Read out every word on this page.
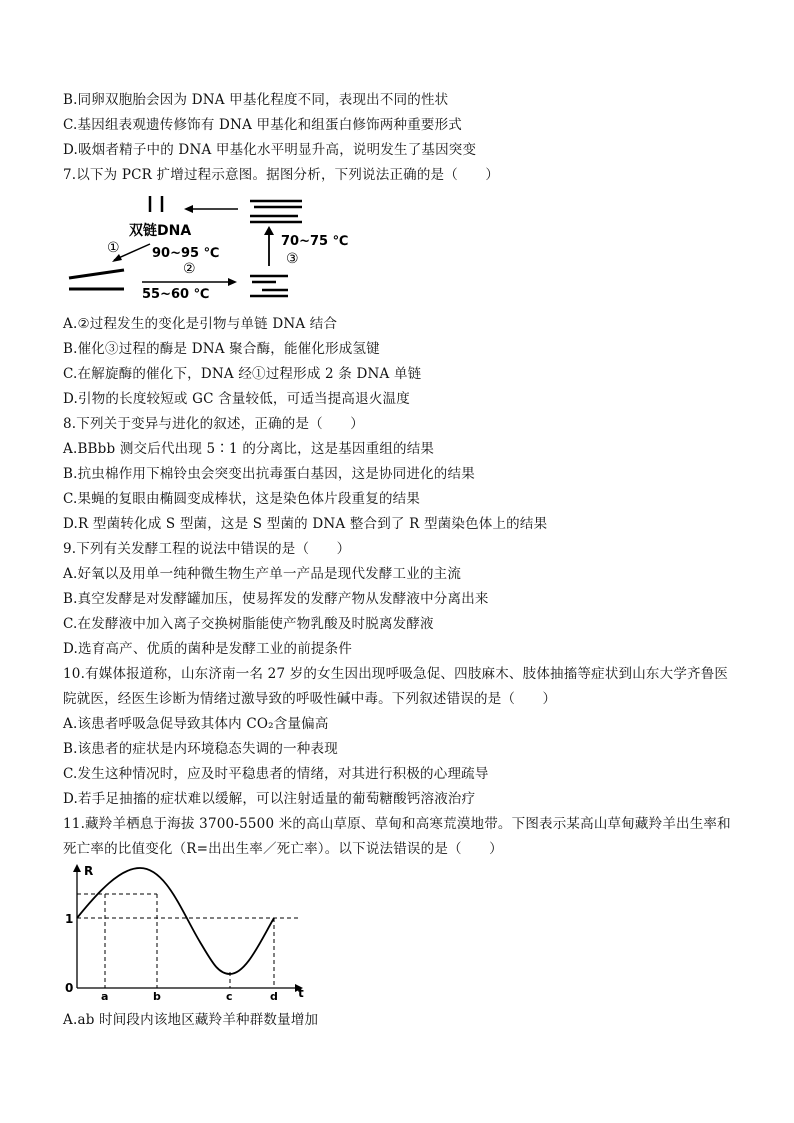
B.同卵双胞胎会因为 DNA 甲基化程度不同，表现出不同的性状
C.基因组表观遗传修饰有 DNA 甲基化和组蛋白修饰两种重要形式
D.吸烟者精子中的 DNA 甲基化水平明显升高，说明发生了基因突变
7.以下为 PCR 扩增过程示意图。据图分析，下列说法正确的是（　　）
双链DNA
① 90~95 ℃
②
55~60 ℃
③
70~75 ℃
A.②过程发生的变化是引物与单链 DNA 结合
B.催化③过程的酶是 DNA 聚合酶，能催化形成氢键
C.在解旋酶的催化下，DNA 经①过程形成 2 条 DNA 单链
D.引物的长度较短或 GC 含量较低，可适当提高退火温度
8.下列关于变异与进化的叙述，正确的是（　　）
A.BBbb 测交后代出现 5∶1 的分离比，这是基因重组的结果
B.抗虫棉作用下棉铃虫会突变出抗毒蛋白基因，这是协同进化的结果
C.果蝇的复眼由椭圆变成棒状，这是染色体片段重复的结果
D.R 型菌转化成 S 型菌，这是 S 型菌的 DNA 整合到了 R 型菌染色体上的结果
9.下列有关发酵工程的说法中错误的是（　　）
A.好氧以及用单一纯种微生物生产单一产品是现代发酵工业的主流
B.真空发酵是对发酵罐加压，使易挥发的发酵产物从发酵液中分离出来
C.在发酵液中加入离子交换树脂能使产物乳酸及时脱离发酵液
D.选育高产、优质的菌种是发酵工业的前提条件
10.有媒体报道称，山东济南一名 27 岁的女生因出现呼吸急促、四肢麻木、肢体抽搐等症状到山东大学齐鲁医
院就医，经医生诊断为情绪过激导致的呼吸性碱中毒。下列叙述错误的是（　　）
A.该患者呼吸急促导致其体内 CO₂含量偏高
B.该患者的症状是内环境稳态失调的一种表现
C.发生这种情况时，应及时平稳患者的情绪，对其进行积极的心理疏导
D.若手足抽搐的症状难以缓解，可以注射适量的葡萄糖酸钙溶液治疗
11.藏羚羊栖息于海拔 3700-5500 米的高山草原、草甸和高寒荒漠地带。下图表示某高山草甸藏羚羊出生率和
死亡率的比值变化（R=出出生率／死亡率）。以下说法错误的是（　　）
R
t
0
1
a	b	c	d
A.ab 时间段内该地区藏羚羊种群数量增加
